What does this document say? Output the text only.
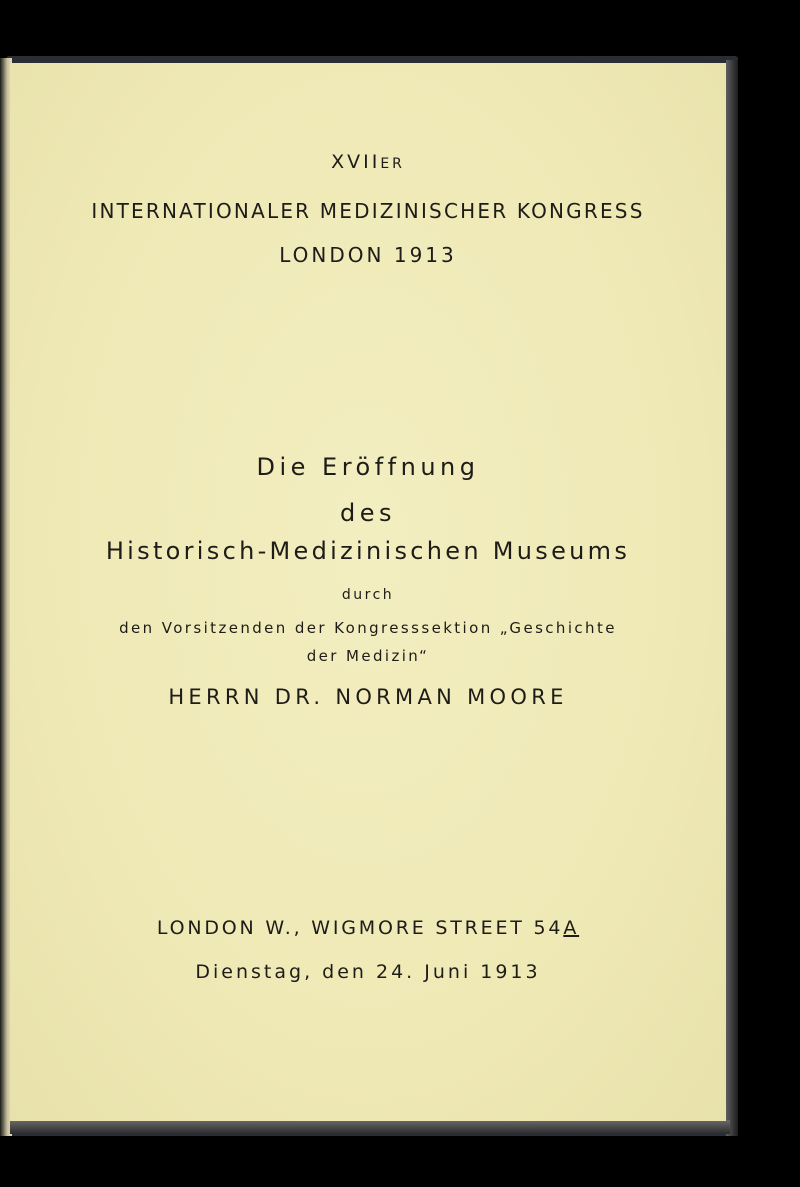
XVIIER
INTERNATIONALER MEDIZINISCHER KONGRESS
LONDON 1913
Die Eröffnung
des
Historisch-Medizinischen Museums
durch
den Vorsitzenden der Kongresssektion „Geschichte
der Medizin“
HERRN DR. NORMAN MOORE
LONDON W., WIGMORE STREET 54A
Dienstag, den 24. Juni 1913
